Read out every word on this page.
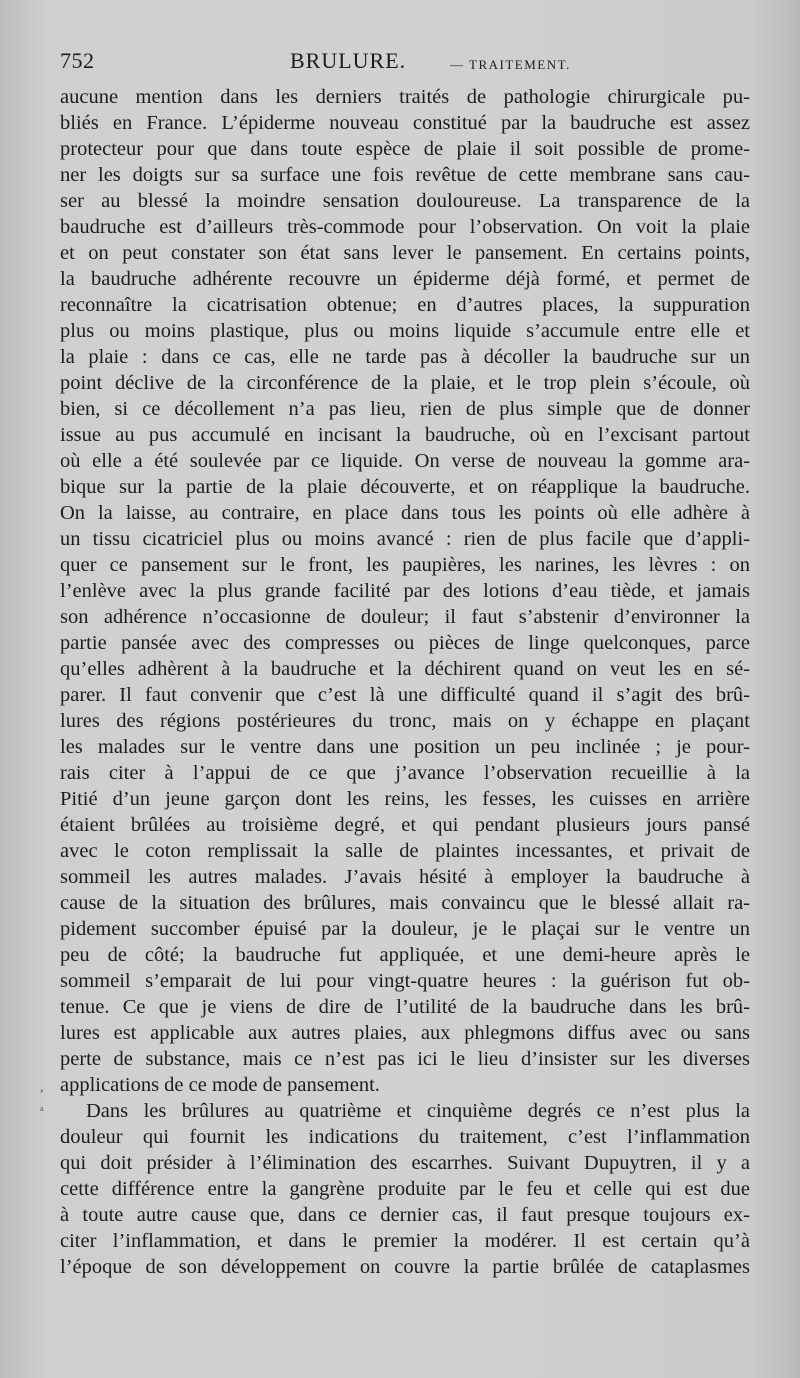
752	BRULURE.	— TRAITEMENT.
,
ᵃ
aucune mention dans les derniers traités de pathologie chirurgicale pu-
bliés en France. L’épiderme nouveau constitué par la baudruche est assez
protecteur pour que dans toute espèce de plaie il soit possible de prome-
ner les doigts sur sa surface une fois revêtue de cette membrane sans cau-
ser au blessé la moindre sensation douloureuse. La transparence de la
baudruche est d’ailleurs très-commode pour l’observation. On voit la plaie
et on peut constater son état sans lever le pansement. En certains points,
la baudruche adhérente recouvre un épiderme déjà formé, et permet de
reconnaître la cicatrisation obtenue; en d’autres places, la suppuration
plus ou moins plastique, plus ou moins liquide s’accumule entre elle et
la plaie : dans ce cas, elle ne tarde pas à décoller la baudruche sur un
point déclive de la circonférence de la plaie, et le trop plein s’écoule, où
bien, si ce décollement n’a pas lieu, rien de plus simple que de donner
issue au pus accumulé en incisant la baudruche, où en l’excisant partout
où elle a été soulevée par ce liquide. On verse de nouveau la gomme ara-
bique sur la partie de la plaie découverte, et on réapplique la baudruche.
On la laisse, au contraire, en place dans tous les points où elle adhère à
un tissu cicatriciel plus ou moins avancé : rien de plus facile que d’appli-
quer ce pansement sur le front, les paupières, les narines, les lèvres : on
l’enlève avec la plus grande facilité par des lotions d’eau tiède, et jamais
son adhérence n’occasionne de douleur; il faut s’abstenir d’environner la
partie pansée avec des compresses ou pièces de linge quelconques, parce
qu’elles adhèrent à la baudruche et la déchirent quand on veut les en sé-
parer. Il faut convenir que c’est là une difficulté quand il s’agit des brû-
lures des régions postérieures du tronc, mais on y échappe en plaçant
les malades sur le ventre dans une position un peu inclinée ; je pour-
rais citer à l’appui de ce que j’avance l’observation recueillie à la
Pitié d’un jeune garçon dont les reins, les fesses, les cuisses en arrière
étaient brûlées au troisième degré, et qui pendant plusieurs jours pansé
avec le coton remplissait la salle de plaintes incessantes, et privait de
sommeil les autres malades. J’avais hésité à employer la baudruche à
cause de la situation des brûlures, mais convaincu que le blessé allait ra-
pidement succomber épuisé par la douleur, je le plaçai sur le ventre un
peu de côté; la baudruche fut appliquée, et une demi-heure après le
sommeil s’emparait de lui pour vingt-quatre heures : la guérison fut ob-
tenue. Ce que je viens de dire de l’utilité de la baudruche dans les brû-
lures est applicable aux autres plaies, aux phlegmons diffus avec ou sans
perte de substance, mais ce n’est pas ici le lieu d’insister sur les diverses
applications de ce mode de pansement.
Dans les brûlures au quatrième et cinquième degrés ce n’est plus la
douleur qui fournit les indications du traitement, c’est l’inflammation
qui doit présider à l’élimination des escarrhes. Suivant Dupuytren, il y a
cette différence entre la gangrène produite par le feu et celle qui est due
à toute autre cause que, dans ce dernier cas, il faut presque toujours ex-
citer l’inflammation, et dans le premier la modérer. Il est certain qu’à
l’époque de son développement on couvre la partie brûlée de cataplasmes
